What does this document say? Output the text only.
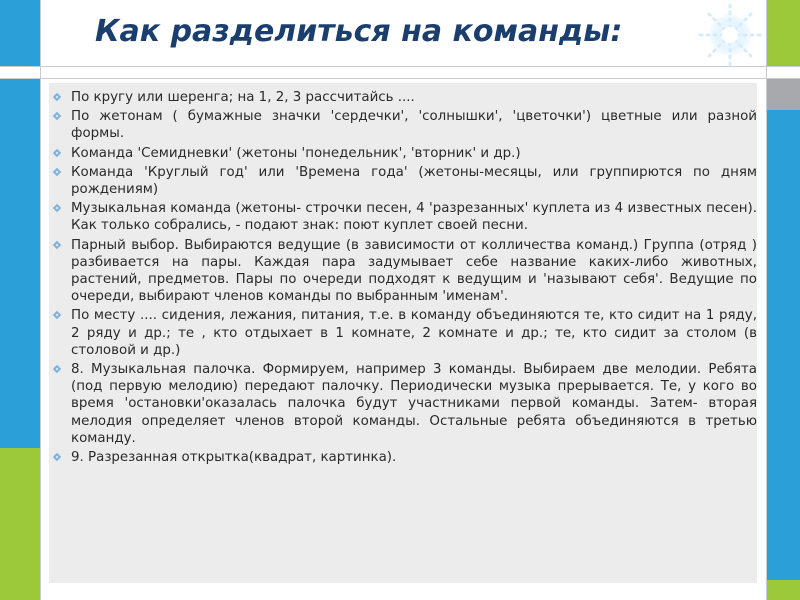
Как разделиться на команды:
По кругу или шеренга; на 1, 2, 3 рассчитайсь ....
По жетонам ( бумажные значки 'сердечки', 'солнышки', 'цветочки') цветные или разной формы.
Команда 'Семидневки' (жетоны 'понедельник', 'вторник' и др.)
Команда 'Круглый год' или 'Времена года' (жетоны-месяцы, или группирются по дням рождениям)
Музыкальная команда (жетоны- строчки песен, 4 'разрезанных' куплета из 4 известных песен). Как только собрались, - подают знак: поют куплет своей песни.
Парный выбор. Выбираются ведущие (в зависимости от колличества команд.) Группа (отряд ) разбивается на пары. Каждая пара задумывает себе название каких-либо животных, растений, предметов. Пары по очереди подходят к ведущим и 'называют себя'. Ведущие по очереди, выбирают членов команды по выбранным 'именам'.
По месту .... сидения, лежания, питания, т.е. в команду объединяются те, кто сидит на 1 ряду, 2 ряду и др.; те , кто отдыхает в 1 комнате, 2 комнате и др.; те, кто сидит за столом (в столовой и др.)
8. Музыкальная палочка. Формируем, например 3 команды. Выбираем две мелодии. Ребята (под первую мелодию) передают палочку. Периодически музыка прерывается. Те, у кого во время 'остановки'оказалась палочка будут участниками первой команды. Затем- вторая мелодия определяет членов второй команды. Остальные ребята объединяются в третью команду.
9. Разрезанная открытка(квадрат, картинка).
